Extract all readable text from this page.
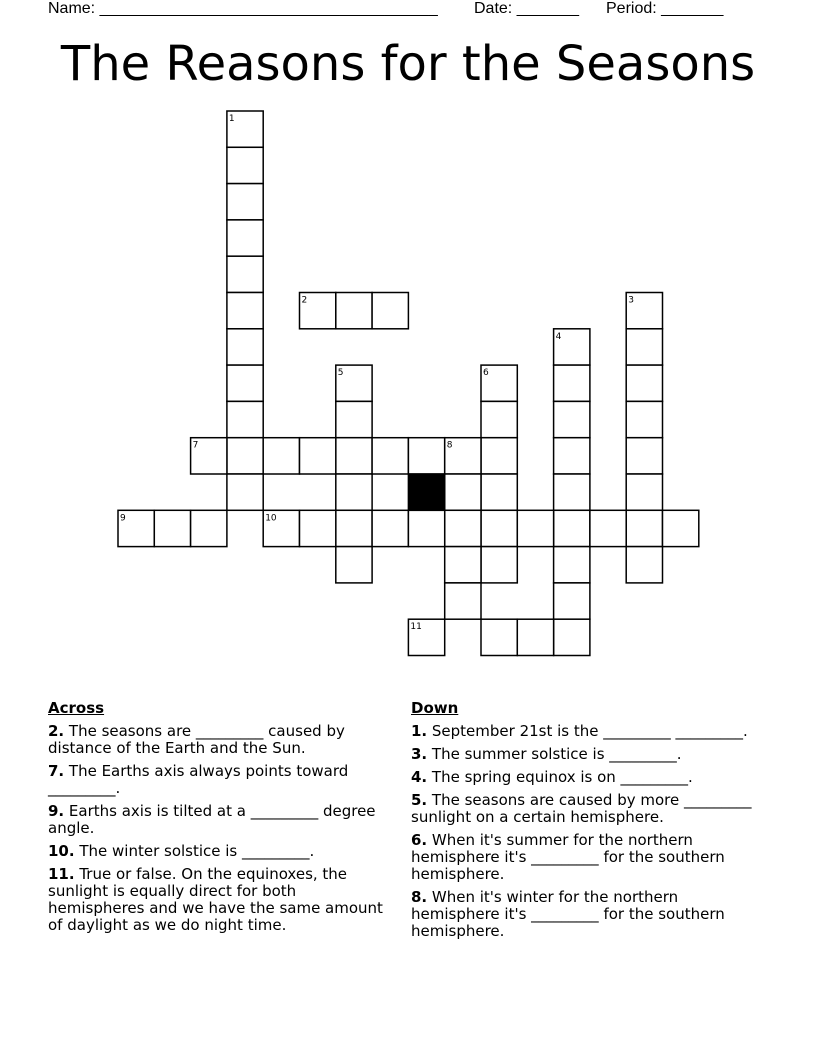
Name: ______________________________________ Date: _______ Period: _______
The Reasons for the Seasons
1
2	3
4
5	6
7	8
9	10
11
Across
2. The seasons are _________ caused by distance of the Earth and the Sun.
7. The Earths axis always points toward _________.
9. Earths axis is tilted at a _________ degree angle.
10. The winter solstice is _________.
11. True or false. On the equinoxes, the sunlight is equally direct for both hemispheres and we have the same amount of daylight as we do night time.
Down
1. September 21st is the _________ _________.
3. The summer solstice is _________.
4. The spring equinox is on _________.
5. The seasons are caused by more _________ sunlight on a certain hemisphere.
6. When it's summer for the northern hemisphere it's _________ for the southern hemisphere.
8. When it's winter for the northern hemisphere it's _________ for the southern hemisphere.
